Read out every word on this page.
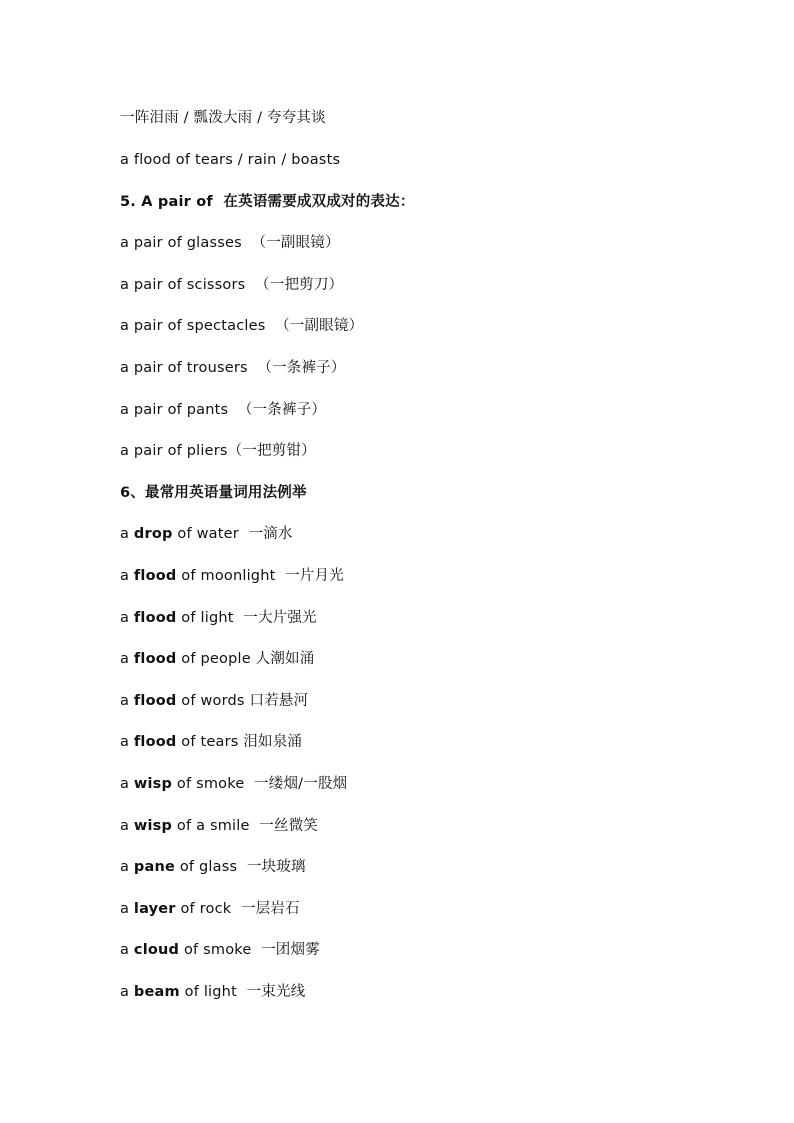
一阵泪雨 / 瓢泼大雨 / 夸夸其谈
a flood of tears / rain / boasts
5. A pair of  在英语需要成双成对的表达：
a pair of glasses  （一副眼镜）
a pair of scissors  （一把剪刀）
a pair of spectacles  （一副眼镜）
a pair of trousers  （一条裤子）
a pair of pants  （一条裤子）
a pair of pliers（一把剪钳）
6、最常用英语量词用法例举
a drop of water  一滴水
a flood of moonlight  一片月光
a flood of light  一大片强光
a flood of people 人潮如涌
a flood of words 口若悬河
a flood of tears 泪如泉涌
a wisp of smoke  一缕烟/一股烟
a wisp of a smile  一丝微笑
a pane of glass  一块玻璃
a layer of rock  一层岩石
a cloud of smoke  一团烟雾
a beam of light  一束光线
